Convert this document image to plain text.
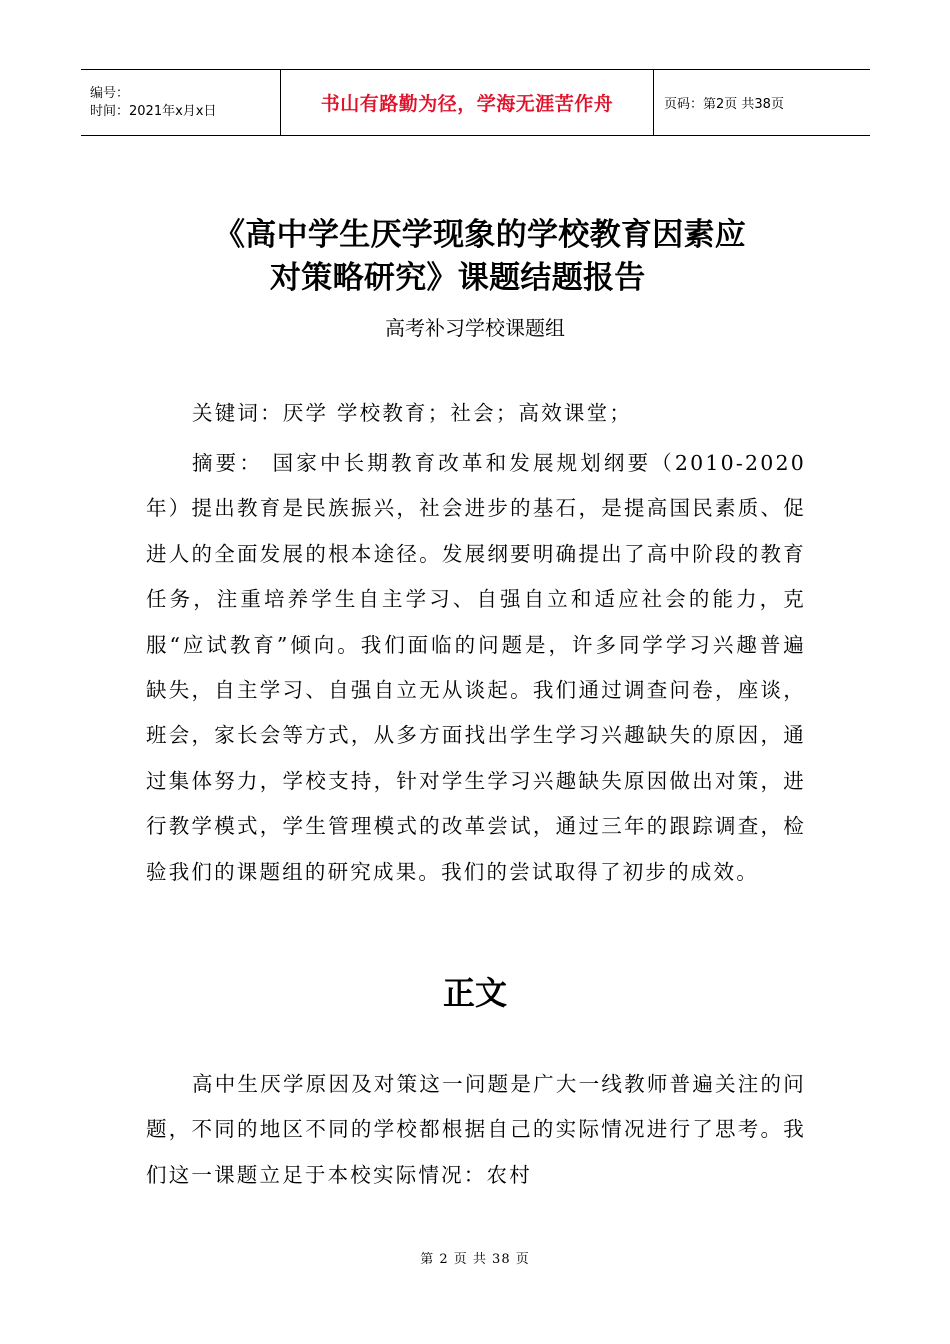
编号：
时间：2021年x月x日	书山有路勤为径，学海无涯苦作舟	页码：第2页 共38页
《高中学生厌学现象的学校教育因素应
对策略研究》课题结题报告
高考补习学校课题组
关键词：厌学 学校教育；社会；高效课堂；
摘要： 国家中长期教育改革和发展规划纲要（2010-2020年）提出教育是民族振兴，社会进步的基石，是提高国民素质、促进人的全面发展的根本途径。发展纲要明确提出了高中阶段的教育任务，注重培养学生自主学习、自强自立和适应社会的能力，克服“应试教育”倾向。我们面临的问题是，许多同学学习兴趣普遍缺失，自主学习、自强自立无从谈起。我们通过调查问卷，座谈，班会，家长会等方式，从多方面找出学生学习兴趣缺失的原因，通过集体努力，学校支持，针对学生学习兴趣缺失原因做出对策，进行教学模式，学生管理模式的改革尝试，通过三年的跟踪调查，检验我们的课题组的研究成果。我们的尝试取得了初步的成效。
正文
高中生厌学原因及对策这一问题是广大一线教师普遍关注的问题，不同的地区不同的学校都根据自己的实际情况进行了思考。我们这一课题立足于本校实际情况：农村
第 2 页 共 38 页
